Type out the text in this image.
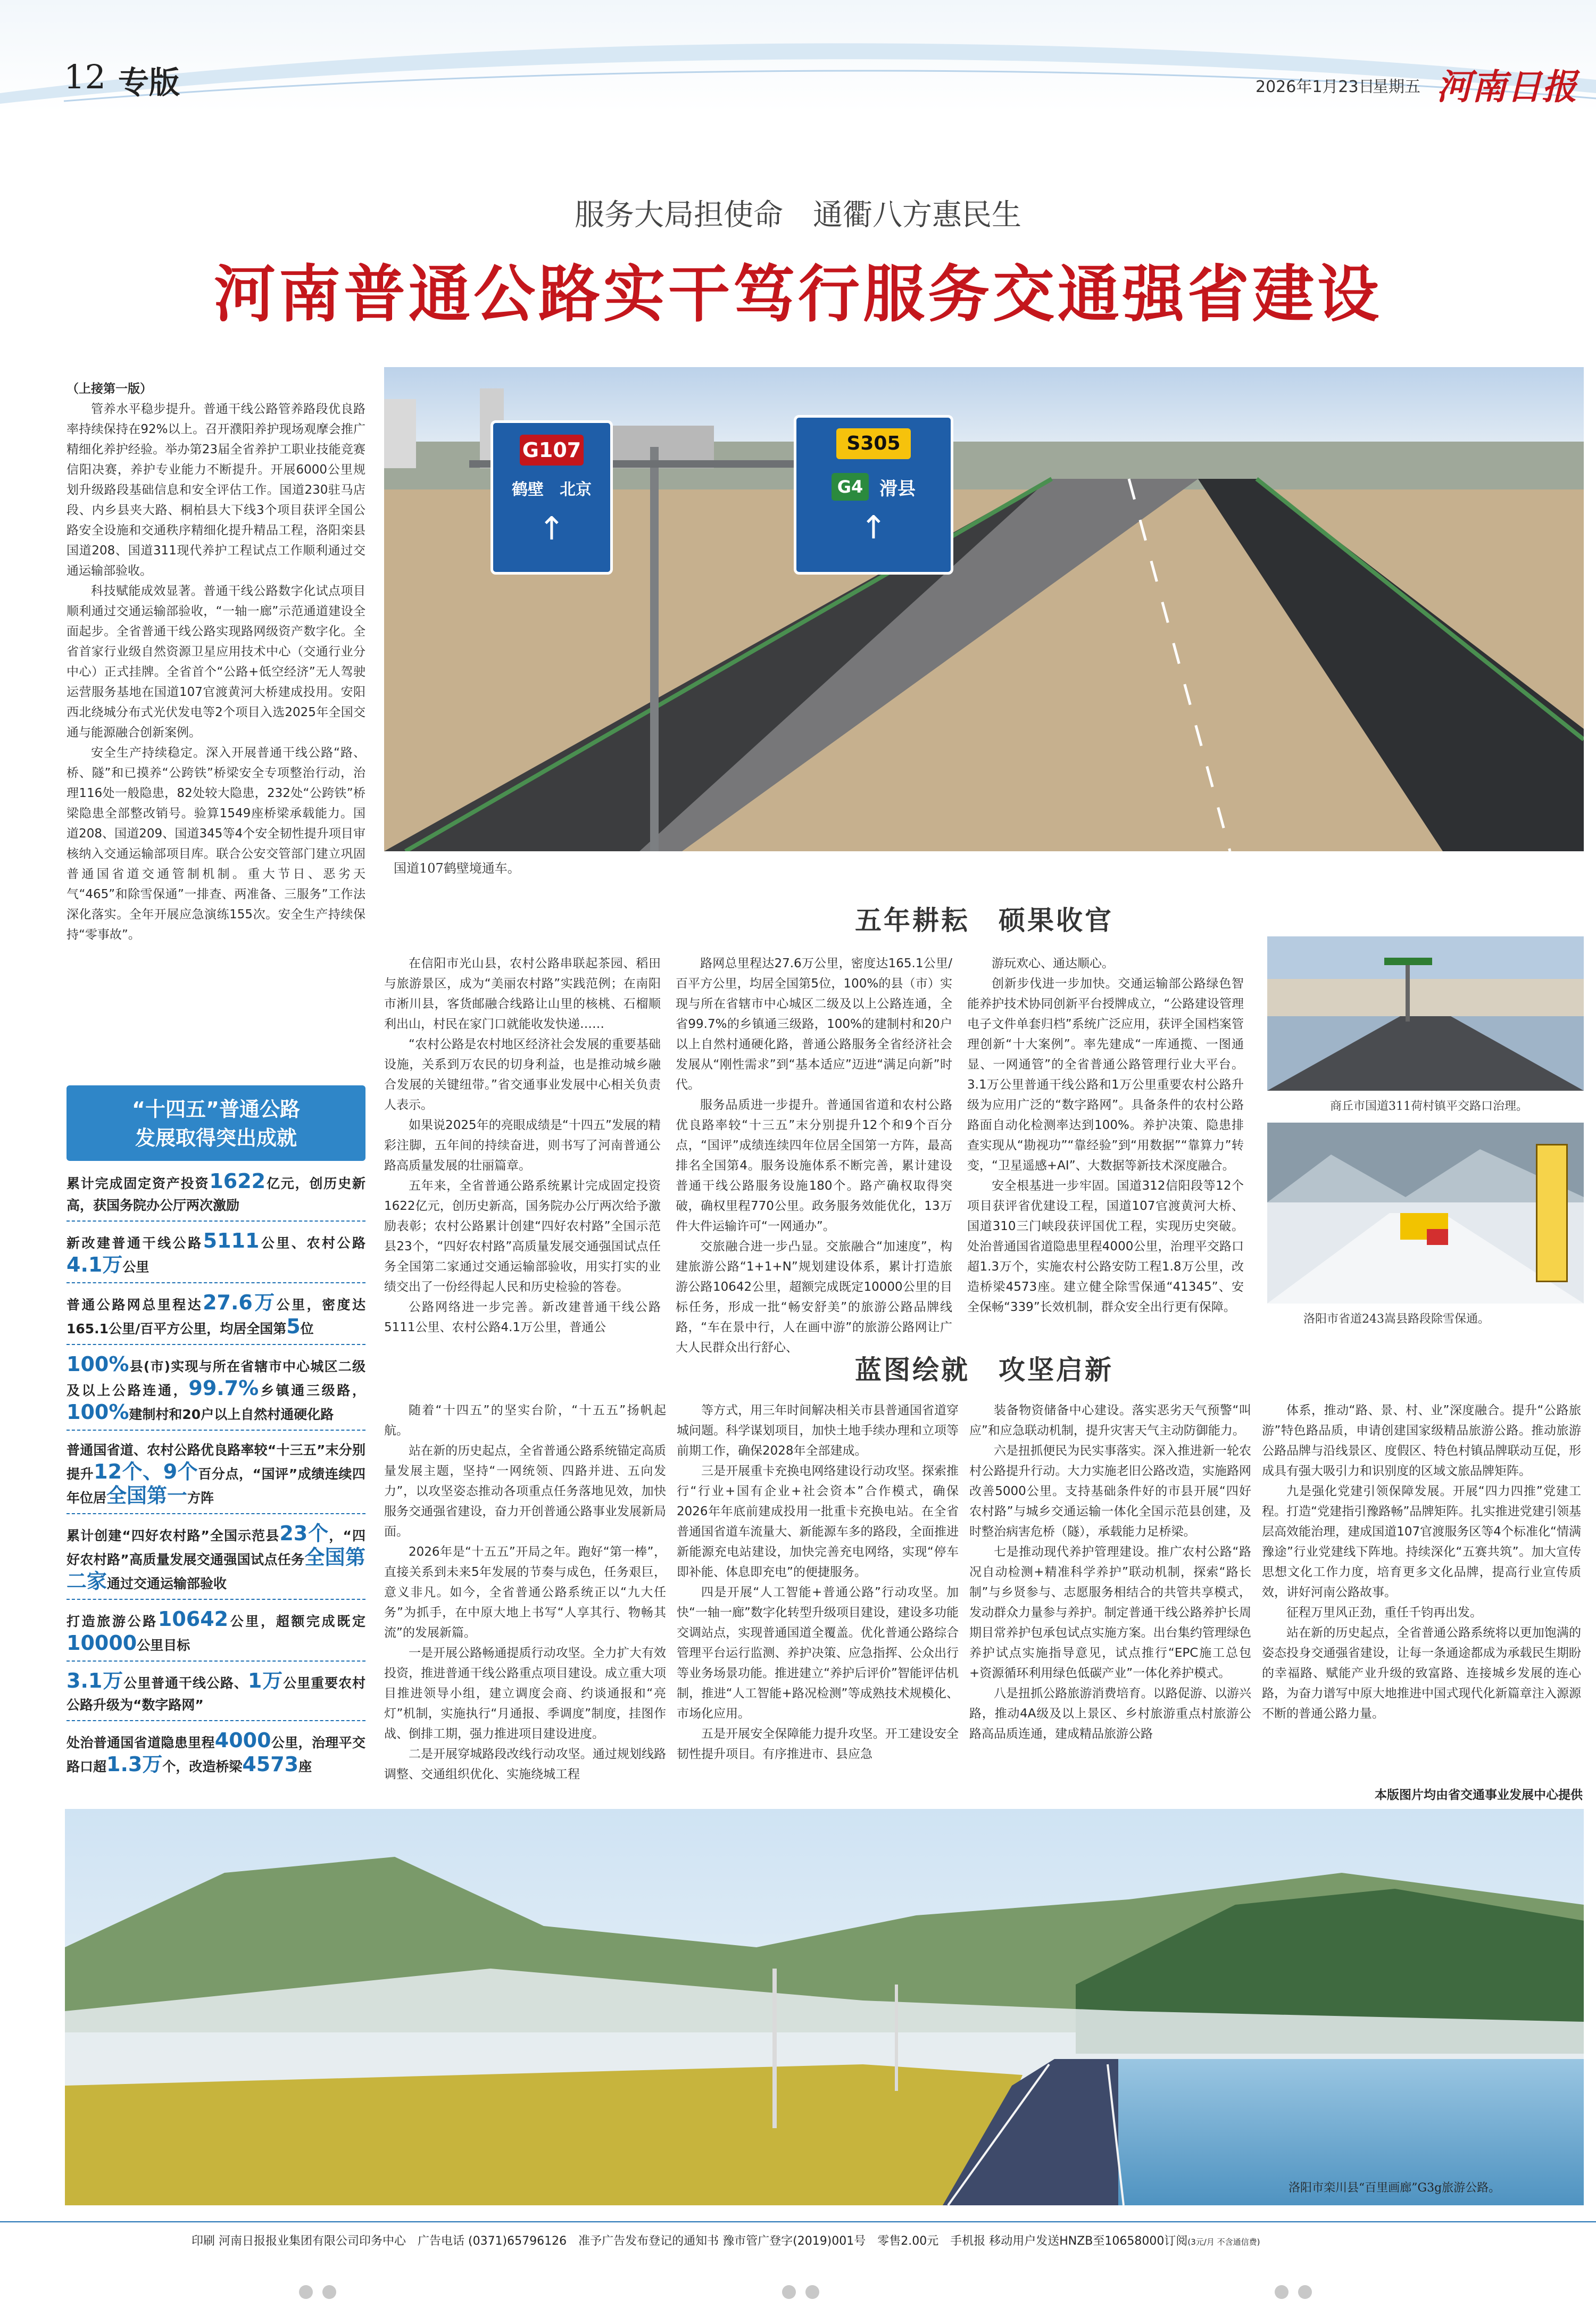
12 专版	2026年1月23日
星期五 河南日报
服务大局担使命　通衢八方惠民生
河南普通公路实干笃行服务交通强省建设
G107
鹤壁　北京
↑
S305
G4 滑县
↑
国道107鹤壁境通车。
（上接第一版）

管养水平稳步提升。普通干线公路管养路段优良路率持续保持在92%以上。召开濮阳养护现场观摩会推广精细化养护经验。举办第23届全省养护工职业技能竞赛信阳决赛，养护专业能力不断提升。开展6000公里规划升级路段基础信息和安全评估工作。国道230驻马店段、内乡县夹大路、桐柏县大下线3个项目获评全国公路安全设施和交通秩序精细化提升精品工程，洛阳栾县国道208、国道311现代养护工程试点工作顺利通过交通运输部验收。

科技赋能成效显著。普通干线公路数字化试点项目顺利通过交通运输部验收，“一轴一廊”示范通道建设全面起步。全省普通干线公路实现路网级资产数字化。全省首家行业级自然资源卫星应用技术中心（交通行业分中心）正式挂牌。全省首个“公路+低空经济”无人驾驶运营服务基地在国道107官渡黄河大桥建成投用。安阳西北绕城分布式光伏发电等2个项目入选2025年全国交通与能源融合创新案例。

安全生产持续稳定。深入开展普通干线公路“路、桥、隧”和已摸养“公跨铁”桥梁安全专项整治行动，治理116处一般隐患，82处较大隐患，232处“公跨铁”桥梁隐患全部整改销号。验算1549座桥梁承载能力。国道208、国道209、国道345等4个安全韧性提升项目审核纳入交通运输部项目库。联合公安交管部门建立巩固普通国省道交通管制机制。重大节日、恶劣天气“465”和除雪保通”一排查、两准备、三服务”工作法深化落实。全年开展应急演练155次。安全生产持续保持“零事故”。

“十四五”普通公路
发展取得突出成就
累计完成固定资产投资1622亿元，创历史新高，获国务院办公厅两次激励
新改建普通干线公路5111公里、农村公路4.1万公里
普通公路网总里程达27.6万公里，密度达165.1公里/百平方公里，均居全国第5位
100%县(市)实现与所在省辖市中心城区二级及以上公路连通，99.7%乡镇通三级路，100%建制村和20户以上自然村通硬化路
普通国省道、农村公路优良路率较“十三五”末分别提升12个、9个百分点，“国评”成绩连续四年位居全国第一方阵
累计创建“四好农村路”全国示范县23个，“四好农村路”高质量发展交通强国试点任务全国第二家通过交通运输部验收
打造旅游公路10642公里，超额完成既定10000公里目标
3.1万公里普通干线公路、1万公里重要农村公路升级为“数字路网”
处治普通国省道隐患里程4000公里，治理平交路口超1.3万个，改造桥梁4573座
五年耕耘　硕果收官

在信阳市光山县，农村公路串联起茶园、稻田与旅游景区，成为“美丽农村路”实践范例；在南阳市淅川县，客货邮融合线路让山里的核桃、石榴顺利出山，村民在家门口就能收发快递……

“农村公路是农村地区经济社会发展的重要基础设施，关系到万农民的切身利益，也是推动城乡融合发展的关键纽带。”省交通事业发展中心相关负责人表示。

如果说2025年的亮眼成绩是“十四五”发展的精彩注脚，五年间的持续奋进，则书写了河南普通公路高质量发展的壮丽篇章。

五年来，全省普通公路系统累计完成固定投资1622亿元，创历史新高，国务院办公厅两次给予激励表彰；农村公路累计创建“四好农村路”全国示范县23个，“四好农村路”高质量发展交通强国试点任务全国第二家通过交通运输部验收，用实打实的业绩交出了一份经得起人民和历史检验的答卷。

公路网络进一步完善。新改建普通干线公路5111公里、农村公路4.1万公里，普通公

路网总里程达27.6万公里，密度达165.1公里/百平方公里，均居全国第5位，100%的县（市）实现与所在省辖市中心城区二级及以上公路连通，全省99.7%的乡镇通三级路，100%的建制村和20户以上自然村通硬化路，普通公路服务全省经济社会发展从“刚性需求”到“基本适应”迈进“满足向新”时代。

服务品质进一步提升。普通国省道和农村公路优良路率较“十三五”末分别提升12个和9个百分点，“国评”成绩连续四年位居全国第一方阵，最高排名全国第4。服务设施体系不断完善，累计建设普通干线公路服务设施180个。路产确权取得突破，确权里程770公里。政务服务效能优化，13万件大件运输许可“一网通办”。

交旅融合进一步凸显。交旅融合“加速度”，构建旅游公路“1+1+N”规划建设体系，累计打造旅游公路10642公里，超额完成既定10000公里的目标任务，形成一批“畅安舒美”的旅游公路品牌线路，“车在景中行，人在画中游”的旅游公路网让广大人民群众出行舒心、

游玩欢心、通达顺心。

创新步伐进一步加快。交通运输部公路绿色智能养护技术协同创新平台授牌成立，“公路建设管理电子文件单套归档”系统广泛应用，获评全国档案管理创新“十大案例”。率先建成“一库通揽、一图通显、一网通管”的全省普通公路管理行业大平台。3.1万公里普通干线公路和1万公里重要农村公路升级为应用广泛的“数字路网”。具备条件的农村公路路面自动化检测率达到100%。养护决策、隐患排查实现从“勘视功”“靠经验”到“用数据”“靠算力”转变，“卫星遥感+AI”、大数据等新技术深度融合。

安全根基进一步牢固。国道312信阳段等12个项目获评省优建设工程，国道107官渡黄河大桥、国道310三门峡段获评国优工程，实现历史突破。处治普通国省道隐患里程4000公里，治理平交路口超1.3万个，实施农村公路安防工程1.8万公里，改造桥梁4573座。建立健全除雪保通“41345”、安全保畅“339”长效机制，群众安全出行更有保障。

商丘市国道311荷村镇平交路口治理。
洛阳市省道243嵩县路段除雪保通。
蓝图绘就　攻坚启新

随着“十四五”的坚实台阶，“十五五”扬帆起航。

站在新的历史起点，全省普通公路系统锚定高质量发展主题，坚持“一网统领、四路并进、五向发力”，以攻坚姿态推动各项重点任务落地见效，加快服务交通强省建设，奋力开创普通公路事业发展新局面。

2026年是“十五五”开局之年。跑好“第一棒”，直接关系到未来5年发展的节奏与成色，任务艰巨，意义非凡。如今，全省普通公路系统正以“九大任务”为抓手，在中原大地上书写“人享其行、物畅其流”的发展新篇。

一是开展公路畅通提质行动攻坚。全力扩大有效投资，推进普通干线公路重点项目建设。成立重大项目推进领导小组，建立调度会商、约谈通报和“亮灯”机制，实施执行“月通报、季调度”制度，挂图作战、倒排工期，强力推进项目建设进度。

二是开展穿城路段改线行动攻坚。通过规划线路调整、交通组织优化、实施绕城工程

等方式，用三年时间解决相关市县普通国省道穿城问题。科学谋划项目，加快土地手续办理和立项等前期工作，确保2028年全部建成。

三是开展重卡充换电网络建设行动攻坚。探索推行“行业+国有企业+社会资本”合作模式，确保2026年年底前建成投用一批重卡充换电站。在全省普通国省道车流量大、新能源车多的路段，全面推进新能源充电站建设，加快完善充电网络，实现“停车即补能、体息即充电”的便捷服务。

四是开展“人工智能+普通公路”行动攻坚。加快“一轴一廊”数字化转型升级项目建设，建设多功能交调站点，实现普通国道全覆盖。优化普通公路综合管理平台运行监测、养护决策、应急指挥、公众出行等业务场景功能。推进建立“养护后评价”智能评估机制，推进“人工智能+路况检测”等成熟技术规模化、市场化应用。

五是开展安全保障能力提升攻坚。开工建设安全韧性提升项目。有序推进市、县应急

装备物资储备中心建设。落实恶劣天气预警“叫应”和应急联动机制，提升灾害天气主动防御能力。

六是扭抓便民为民实事落实。深入推进新一轮农村公路提升行动。大力实施老旧公路改造，实施路网改善5000公里。支持基础条件好的市县开展“四好农村路”与城乡交通运输一体化全国示范县创建，及时整治病害危桥（隧），承载能力足桥梁。

七是推动现代养护管理建设。推广农村公路“路况自动检测+精准科学养护”联动机制，探索“路长制”与乡贤参与、志愿服务相结合的共管共享模式，发动群众力量参与养护。制定普通干线公路养护长周期目常养护包承包试点实施方案。出台集约管理绿色养护试点实施指导意见，试点推行“EPC施工总包+资源循环利用绿色低碳产业”一体化养护模式。

八是扭抓公路旅游消费培育。以路促游、以游兴路，推动4A级及以上景区、乡村旅游重点村旅游公路高品质连通，建成精品旅游公路

体系，推动“路、景、村、业”深度融合。提升“公路旅游”特色路品质，申请创建国家级精品旅游公路。推动旅游公路品牌与沿线景区、度假区、特色村镇品牌联动互促，形成具有强大吸引力和识别度的区域文旅品牌矩阵。

九是强化党建引领保障发展。开展“四力四推”党建工程。打造“党建指引豫路畅”品牌矩阵。扎实推进党建引领基层高效能治理，建成国道107官渡服务区等4个标准化“情满豫途”行业党建线下阵地。持续深化“五赛共筑”。加大宣传思想文化工作力度，培育更多文化品牌，提高行业宣传质效，讲好河南公路故事。

征程万里风正劲，重任千钧再出发。

站在新的历史起点，全省普通公路系统将以更加饱满的姿态投身交通强省建设，让每一条通途都成为承载民生期盼的幸福路、赋能产业升级的致富路、连接城乡发展的连心路，为奋力谱写中原大地推进中国式现代化新篇章注入源源不断的普通公路力量。

本版图片均由省交通事业发展中心提供
洛阳市栾川县“百里画廊”G3g旅游公路。
印刷 河南日报报业集团有限公司印务中心　广告电话 (0371)65796126　准予广告发布登记的通知书 豫市管广登字(2019)001号　零售2.00元　手机报 移动用户发送HNZB至10658000订阅(3元/月 不含通信费)
